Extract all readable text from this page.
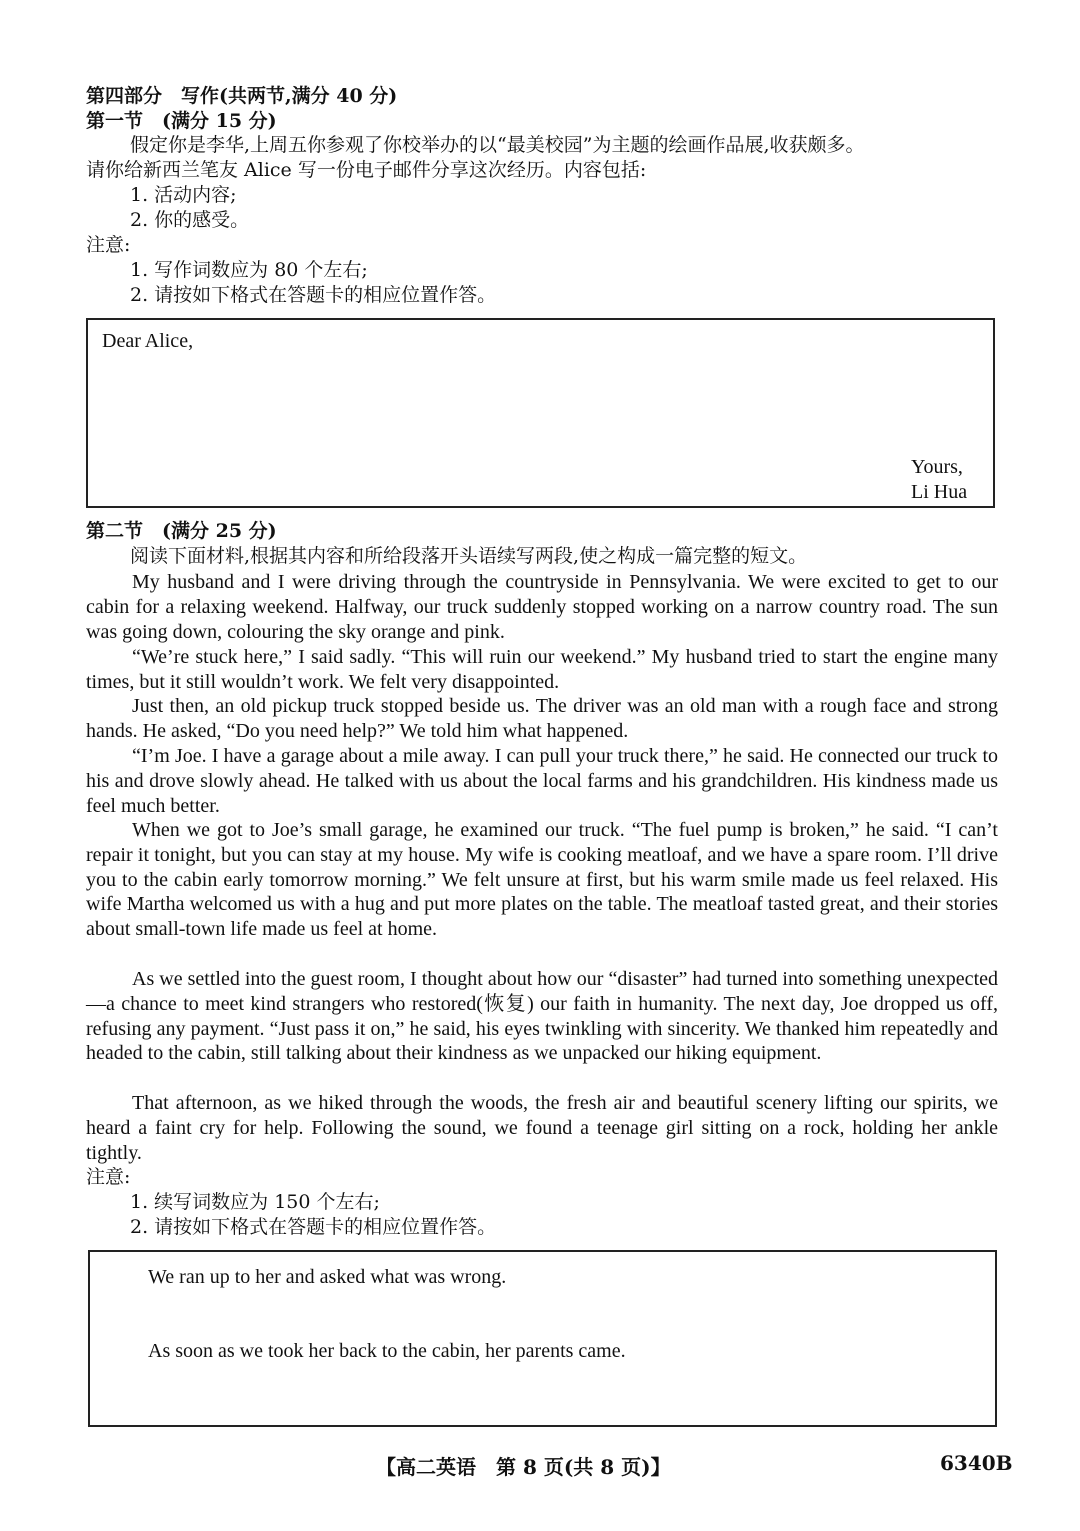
第四部分　写作(共两节,满分 40 分)
第一节　(满分 15 分)
假定你是李华,上周五你参观了你校举办的以“最美校园”为主题的绘画作品展,收获颇多。
请你给新西兰笔友 Alice 写一份电子邮件分享这次经历。内容包括:
1. 活动内容;
2. 你的感受。
注意:
1. 写作词数应为 80 个左右;
2. 请按如下格式在答题卡的相应位置作答。
Dear Alice,
Yours,
Li Hua
第二节　(满分 25 分)
阅读下面材料,根据其内容和所给段落开头语续写两段,使之构成一篇完整的短文。
My husband and I were driving through the countryside in Pennsylvania. We were excited to get to our cabin for a relaxing weekend. Halfway, our truck suddenly stopped working on a narrow country road. The sun was going down, colouring the sky orange and pink.
“We’re stuck here,” I said sadly. “This will ruin our weekend.” My husband tried to start the engine many times, but it still wouldn’t work. We felt very disappointed.
Just then, an old pickup truck stopped beside us. The driver was an old man with a rough face and strong hands. He asked, “Do you need help?” We told him what happened.
“I’m Joe. I have a garage about a mile away. I can pull your truck there,” he said. He connected our truck to his and drove slowly ahead. He talked with us about the local farms and his grandchildren. His kindness made us feel much better.
When we got to Joe’s small garage, he examined our truck. “The fuel pump is broken,” he said. “I can’t repair it tonight, but you can stay at my house. My wife is cooking meatloaf, and we have a spare room. I’ll drive you to the cabin early tomorrow morning.” We felt unsure at first, but his warm smile made us feel relaxed. His wife Martha welcomed us with a hug and put more plates on the table. The meatloaf tasted great, and their stories about small-town life made us feel at home.
As we settled into the guest room, I thought about how our “disaster” had turned into something unexpected—a chance to meet kind strangers who restored(恢复) our faith in humanity. The next day, Joe dropped us off, refusing any payment. “Just pass it on,” he said, his eyes twinkling with sincerity. We thanked him repeatedly and headed to the cabin, still talking about their kindness as we unpacked our hiking equipment.
That afternoon, as we hiked through the woods, the fresh air and beautiful scenery lifting our spirits, we heard a faint cry for help. Following the sound, we found a teenage girl sitting on a rock, holding her ankle tightly.
注意:
1. 续写词数应为 150 个左右;
2. 请按如下格式在答题卡的相应位置作答。
We ran up to her and asked what was wrong.
As soon as we took her back to the cabin, her parents came.
【高二英语　第 8 页(共 8 页)】	6340B
